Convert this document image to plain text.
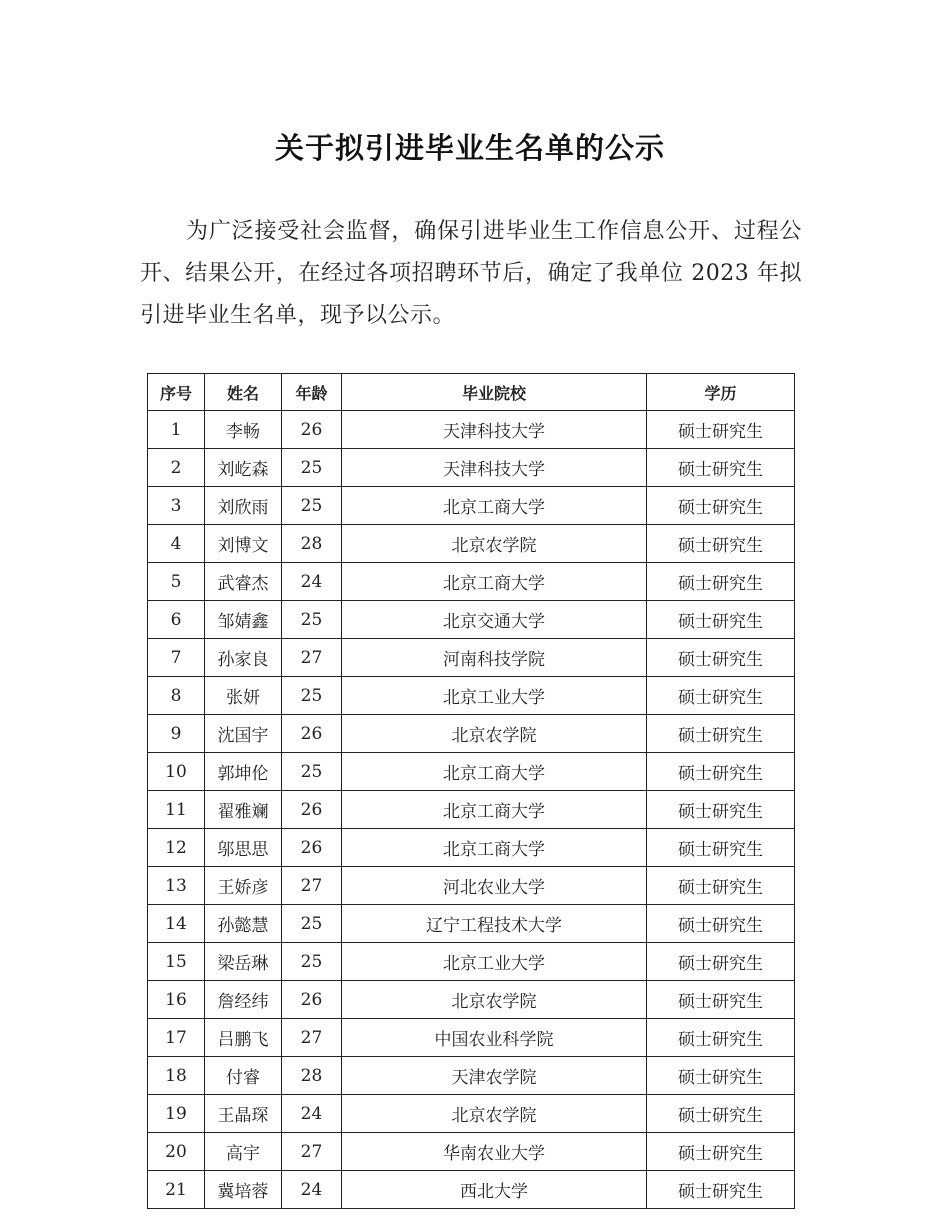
关于拟引进毕业生名单的公示

为广泛接受社会监督，确保引进毕业生工作信息公开、过程公开、结果公开，在经过各项招聘环节后，确定了我单位 2023 年拟引进毕业生名单，现予以公示。

序号	姓名	年龄	毕业院校	学历
1	李畅	26	天津科技大学	硕士研究生
2	刘屹森	25	天津科技大学	硕士研究生
3	刘欣雨	25	北京工商大学	硕士研究生
4	刘博文	28	北京农学院	硕士研究生
5	武睿杰	24	北京工商大学	硕士研究生
6	邹婧鑫	25	北京交通大学	硕士研究生
7	孙家良	27	河南科技学院	硕士研究生
8	张妍	25	北京工业大学	硕士研究生
9	沈国宇	26	北京农学院	硕士研究生
10	郭坤伦	25	北京工商大学	硕士研究生
11	翟雅斓	26	北京工商大学	硕士研究生
12	邬思思	26	北京工商大学	硕士研究生
13	王娇彦	27	河北农业大学	硕士研究生
14	孙懿慧	25	辽宁工程技术大学	硕士研究生
15	梁岳琳	25	北京工业大学	硕士研究生
16	詹经纬	26	北京农学院	硕士研究生
17	吕鹏飞	27	中国农业科学院	硕士研究生
18	付睿	28	天津农学院	硕士研究生
19	王晶琛	24	北京农学院	硕士研究生
20	高宇	27	华南农业大学	硕士研究生
21	冀培蓉	24	西北大学	硕士研究生
